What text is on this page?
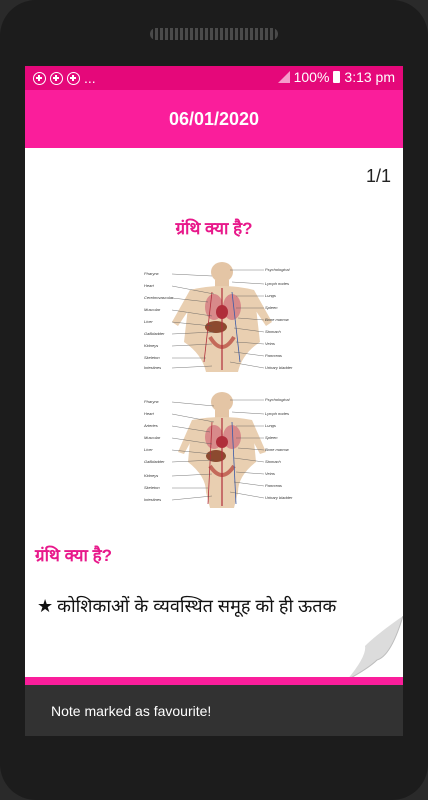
...	100% 3:13 pm
06/01/2020
1/1
ग्रंथि क्या है?
Pharynx
Heart
Cerebrovascular
Muscular
Liver
Gallbladder
Kidneys
Skeleton
Intestines
Psychological
Lymph nodes
Lungs
Spleen
Bone marrow
Stomach
Veins
Pancreas
Urinary bladder
Pharynx
Heart
Arteries
Muscular
Liver
Gallbladder
Kidneys
Skeleton
Intestines
Psychological
Lymph nodes
Lungs
Spleen
Bone marrow
Stomach
Veins
Pancreas
Urinary bladder
ग्रंथि क्या है?
★ कोशिकाओं के व्यवस्थित समूह को ही ऊतक
Note marked as favourite!
